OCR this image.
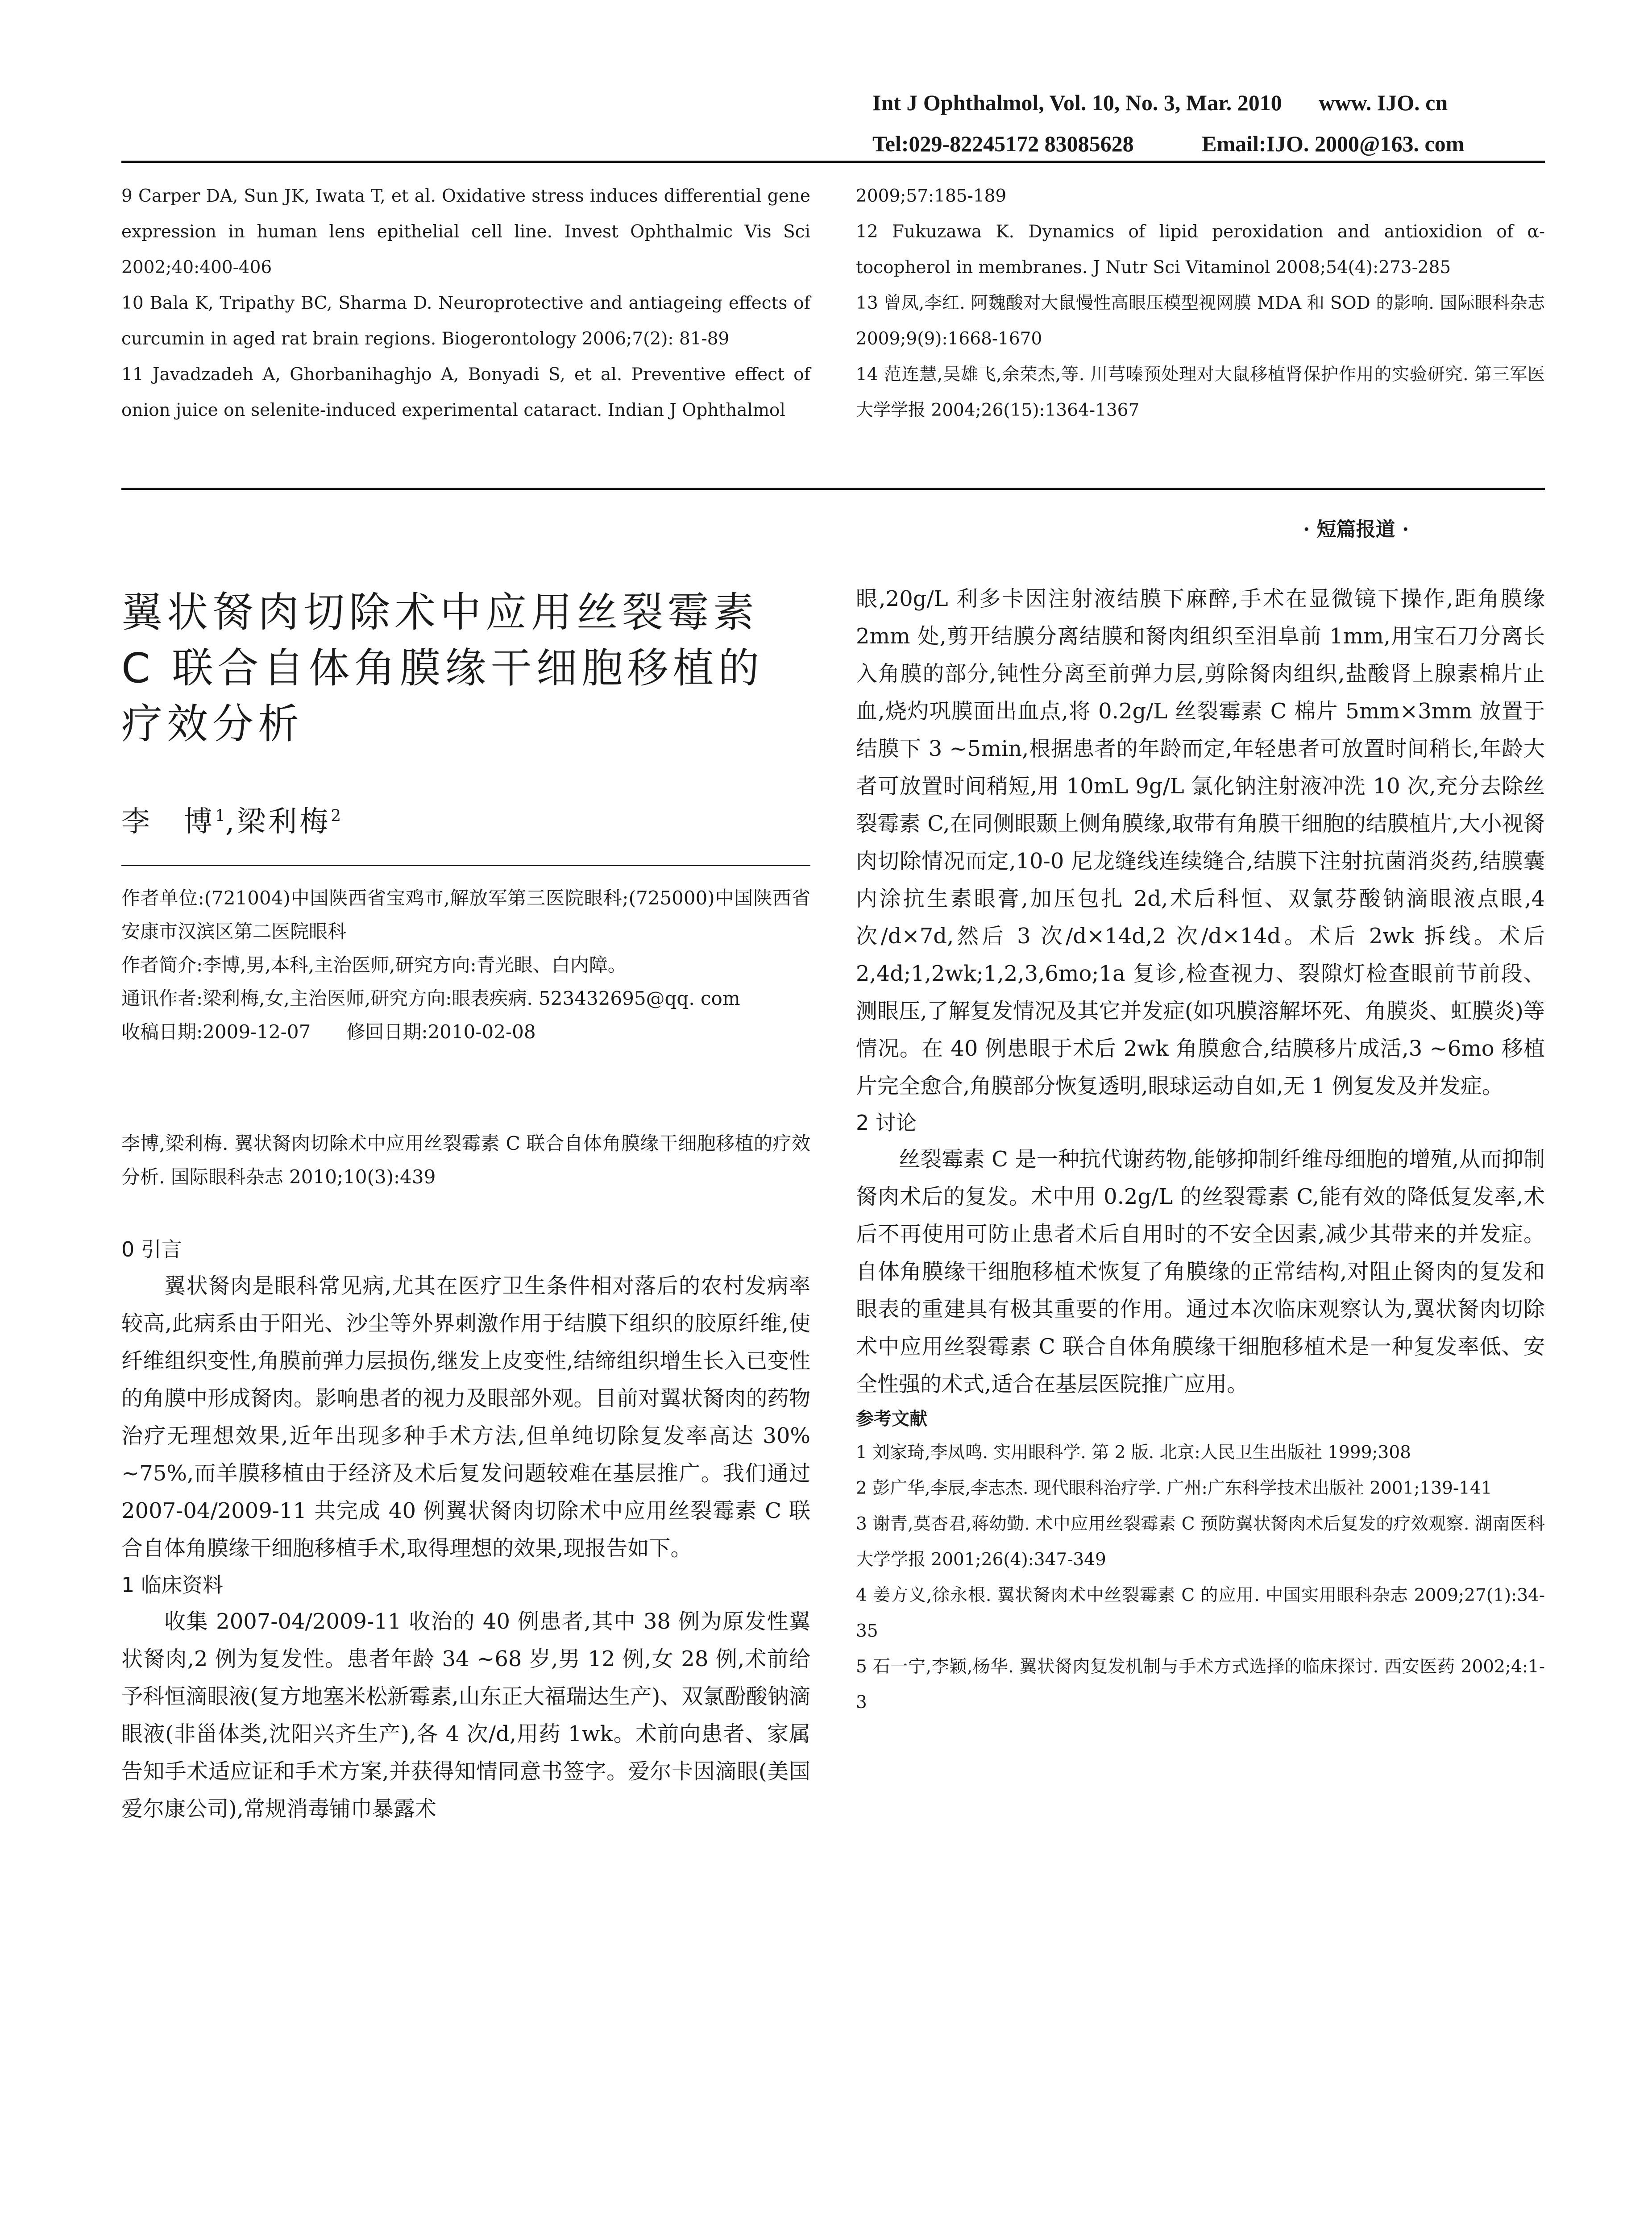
Int J Ophthalmol, Vol. 10, No. 3, Mar. 2010 www. IJO. cn
Tel:029-82245172 83085628	Email:IJO. 2000@163. com

9 Carper DA, Sun JK, Iwata T, et al. Oxidative stress induces differential gene expression in human lens epithelial cell line. Invest Ophthalmic Vis Sci 2002;40:400-406

10 Bala K, Tripathy BC, Sharma D. Neuroprotective and antiageing effects of curcumin in aged rat brain regions. Biogerontology 2006;7(2): 81-89

11 Javadzadeh A, Ghorbanihaghjo A, Bonyadi S, et al. Preventive effect of onion juice on selenite-induced experimental cataract. Indian J Ophthalmol

2009;57:185-189

12 Fukuzawa K. Dynamics of lipid peroxidation and antioxidion of α-tocopherol in membranes. J Nutr Sci Vitaminol 2008;54(4):273-285

13 曾凤,李红. 阿魏酸对大鼠慢性高眼压模型视网膜 MDA 和 SOD 的影响. 国际眼科杂志 2009;9(9):1668-1670

14 范连慧,吴雄飞,余荣杰,等. 川芎嗪预处理对大鼠移植肾保护作用的实验研究. 第三军医大学学报 2004;26(15):1364-1367

· 短篇报道 ·
翼状胬肉切除术中应用丝裂霉素 C 联合自体角膜缘干细胞移植的疗效分析
李　博$^1$,梁利梅$^2$

作者单位:(721004)中国陕西省宝鸡市,解放军第三医院眼科;(725000)中国陕西省安康市汉滨区第二医院眼科

作者简介:李博,男,本科,主治医师,研究方向:青光眼、白内障。

通讯作者:梁利梅,女,主治医师,研究方向:眼表疾病. 523432695@qq. com

收稿日期:2009-12-07 修回日期:2010-02-08

李博,梁利梅. 翼状胬肉切除术中应用丝裂霉素 C 联合自体角膜缘干细胞移植的疗效分析. 国际眼科杂志 2010;10(3):439
0 引言

翼状胬肉是眼科常见病,尤其在医疗卫生条件相对落后的农村发病率较高,此病系由于阳光、沙尘等外界刺激作用于结膜下组织的胶原纤维,使纤维组织变性,角膜前弹力层损伤,继发上皮变性,结缔组织增生长入已变性的角膜中形成胬肉。影响患者的视力及眼部外观。目前对翼状胬肉的药物治疗无理想效果,近年出现多种手术方法,但单纯切除复发率高达 30% ~75%,而羊膜移植由于经济及术后复发问题较难在基层推广。我们通过 2007-04/2009-11 共完成 40 例翼状胬肉切除术中应用丝裂霉素 C 联合自体角膜缘干细胞移植手术,取得理想的效果,现报告如下。

1 临床资料

收集 2007-04/2009-11 收治的 40 例患者,其中 38 例为原发性翼状胬肉,2 例为复发性。患者年龄 34 ~68 岁,男 12 例,女 28 例,术前给予科恒滴眼液(复方地塞米松新霉素,山东正大福瑞达生产)、双氯酚酸钠滴眼液(非甾体类,沈阳兴齐生产),各 4 次/d,用药 1wk。术前向患者、家属告知手术适应证和手术方案,并获得知情同意书签字。爱尔卡因滴眼(美国爱尔康公司),常规消毒铺巾暴露术

眼,20g/L 利多卡因注射液结膜下麻醉,手术在显微镜下操作,距角膜缘 2mm 处,剪开结膜分离结膜和胬肉组织至泪阜前 1mm,用宝石刀分离长入角膜的部分,钝性分离至前弹力层,剪除胬肉组织,盐酸肾上腺素棉片止血,烧灼巩膜面出血点,将 0.2g/L 丝裂霉素 C 棉片 5mm×3mm 放置于结膜下 3 ~5min,根据患者的年龄而定,年轻患者可放置时间稍长,年龄大者可放置时间稍短,用 10mL 9g/L 氯化钠注射液冲洗 10 次,充分去除丝裂霉素 C,在同侧眼颞上侧角膜缘,取带有角膜干细胞的结膜植片,大小视胬肉切除情况而定,10-0 尼龙缝线连续缝合,结膜下注射抗菌消炎药,结膜囊内涂抗生素眼膏,加压包扎 2d,术后科恒、双氯芬酸钠滴眼液点眼,4 次/d×7d,然后 3 次/d×14d,2 次/d×14d。术后 2wk 拆线。术后 2,4d;1,2wk;1,2,3,6mo;1a 复诊,检查视力、裂隙灯检查眼前节前段、测眼压,了解复发情况及其它并发症(如巩膜溶解坏死、角膜炎、虹膜炎)等情况。在 40 例患眼于术后 2wk 角膜愈合,结膜移片成活,3 ~6mo 移植片完全愈合,角膜部分恢复透明,眼球运动自如,无 1 例复发及并发症。

2 讨论

丝裂霉素 C 是一种抗代谢药物,能够抑制纤维母细胞的增殖,从而抑制胬肉术后的复发。术中用 0.2g/L 的丝裂霉素 C,能有效的降低复发率,术后不再使用可防止患者术后自用时的不安全因素,减少其带来的并发症。自体角膜缘干细胞移植术恢复了角膜缘的正常结构,对阻止胬肉的复发和眼表的重建具有极其重要的作用。通过本次临床观察认为,翼状胬肉切除术中应用丝裂霉素 C 联合自体角膜缘干细胞移植术是一种复发率低、安全性强的术式,适合在基层医院推广应用。

参考文献

1 刘家琦,李凤鸣. 实用眼科学. 第 2 版. 北京:人民卫生出版社 1999;308

2 彭广华,李辰,李志杰. 现代眼科治疗学. 广州:广东科学技术出版社 2001;139-141

3 谢青,莫杏君,蒋幼勤. 术中应用丝裂霉素 C 预防翼状胬肉术后复发的疗效观察. 湖南医科大学学报 2001;26(4):347-349

4 姜方义,徐永根. 翼状胬肉术中丝裂霉素 C 的应用. 中国实用眼科杂志 2009;27(1):34-35

5 石一宁,李颖,杨华. 翼状胬肉复发机制与手术方式选择的临床探讨. 西安医药 2002;4:1-3
